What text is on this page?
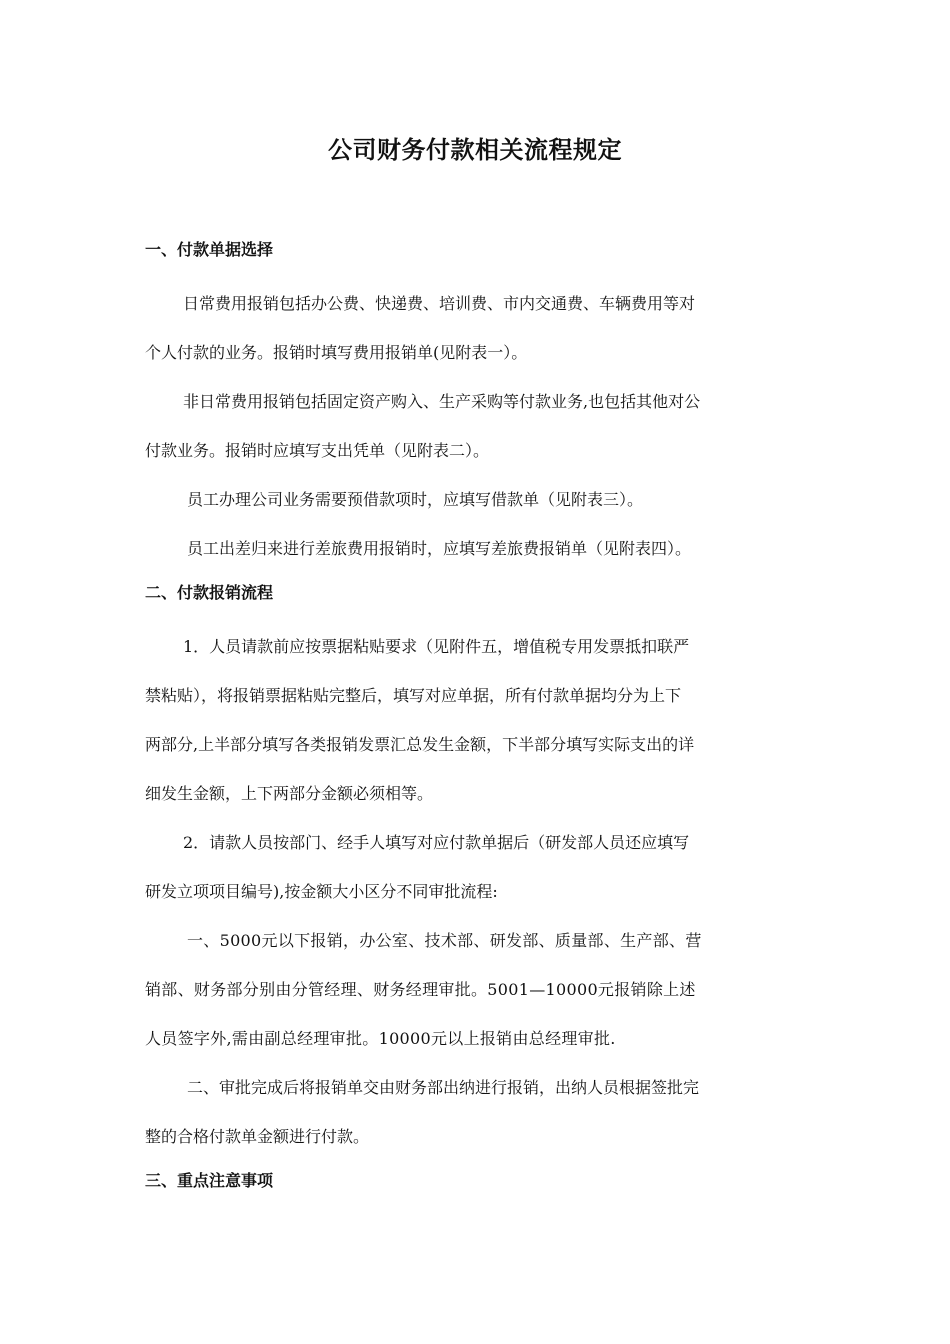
公司财务付款相关流程规定
一、付款单据选择
日常费用报销包括办公费、快递费、培训费、市内交通费、车辆费用等对
个人付款的业务。报销时填写费用报销单(见附表一）。
非日常费用报销包括固定资产购入、生产采购等付款业务,也包括其他对公
付款业务。报销时应填写支出凭单（见附表二）。
员工办理公司业务需要预借款项时，应填写借款单（见附表三）。
员工出差归来进行差旅费用报销时，应填写差旅费报销单（见附表四）。
二、付款报销流程
1．人员请款前应按票据粘贴要求（见附件五，增值税专用发票抵扣联严
禁粘贴），将报销票据粘贴完整后，填写对应单据，所有付款单据均分为上下
两部分,上半部分填写各类报销发票汇总发生金额，下半部分填写实际支出的详
细发生金额，上下两部分金额必须相等。
2．请款人员按部门、经手人填写对应付款单据后（研发部人员还应填写
研发立项项目编号),按金额大小区分不同审批流程:
一、5000元以下报销，办公室、技术部、研发部、质量部、生产部、营
销部、财务部分别由分管经理、财务经理审批。5001—10000元报销除上述
人员签字外,需由副总经理审批。10000元以上报销由总经理审批.
二、审批完成后将报销单交由财务部出纳进行报销，出纳人员根据签批完
整的合格付款单金额进行付款。
三、重点注意事项
